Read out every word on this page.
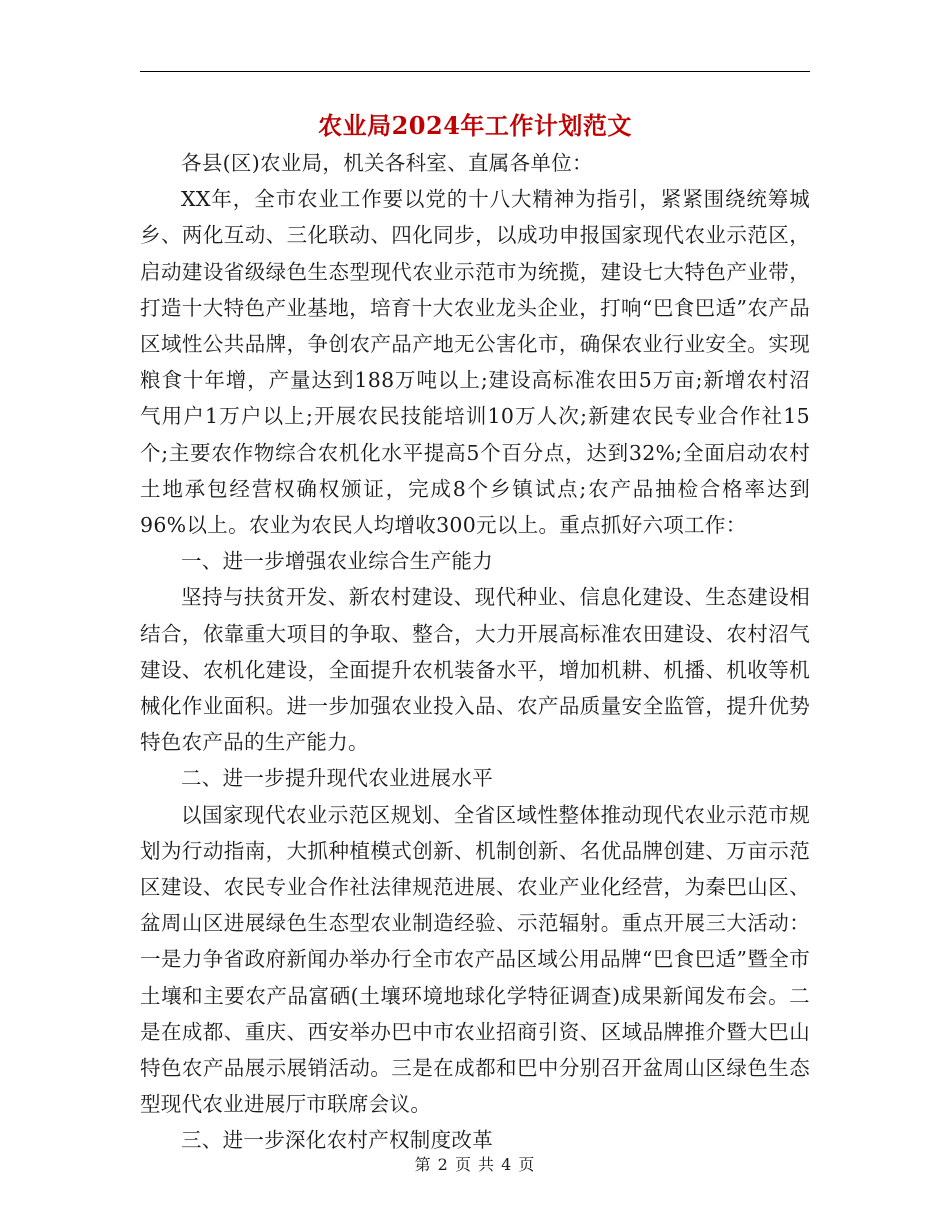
农业局2024年工作计划范文

各县(区)农业局，机关各科室、直属各单位：

XX年，全市农业工作要以党的十八大精神为指引，紧紧围绕统筹城乡、两化互动、三化联动、四化同步，以成功申报国家现代农业示范区，启动建设省级绿色生态型现代农业示范市为统揽，建设七大特色产业带，打造十大特色产业基地，培育十大农业龙头企业，打响“巴食巴适”农产品区域性公共品牌，争创农产品产地无公害化市，确保农业行业安全。实现粮食十年增，产量达到188万吨以上;建设高标准农田5万亩;新增农村沼气用户1万户以上;开展农民技能培训10万人次;新建农民专业合作社15个;主要农作物综合农机化水平提高5个百分点，达到32%;全面启动农村土地承包经营权确权颁证，完成8个乡镇试点;农产品抽检合格率达到96%以上。农业为农民人均增收300元以上。重点抓好六项工作：

一、进一步增强农业综合生产能力

坚持与扶贫开发、新农村建设、现代种业、信息化建设、生态建设相结合，依靠重大项目的争取、整合，大力开展高标准农田建设、农村沼气建设、农机化建设，全面提升农机装备水平，增加机耕、机播、机收等机械化作业面积。进一步加强农业投入品、农产品质量安全监管，提升优势特色农产品的生产能力。

二、进一步提升现代农业进展水平

以国家现代农业示范区规划、全省区域性整体推动现代农业示范市规划为行动指南，大抓种植模式创新、机制创新、名优品牌创建、万亩示范区建设、农民专业合作社法律规范进展、农业产业化经营，为秦巴山区、盆周山区进展绿色生态型农业制造经验、示范辐射。重点开展三大活动：一是力争省政府新闻办举办行全市农产品区域公用品牌“巴食巴适”暨全市土壤和主要农产品富硒(土壤环境地球化学特征调查)成果新闻发布会。二是在成都、重庆、西安举办巴中市农业招商引资、区域品牌推介暨大巴山特色农产品展示展销活动。三是在成都和巴中分别召开盆周山区绿色生态型现代农业进展厅市联席会议。

三、进一步深化农村产权制度改革

第 2 页 共 4 页
